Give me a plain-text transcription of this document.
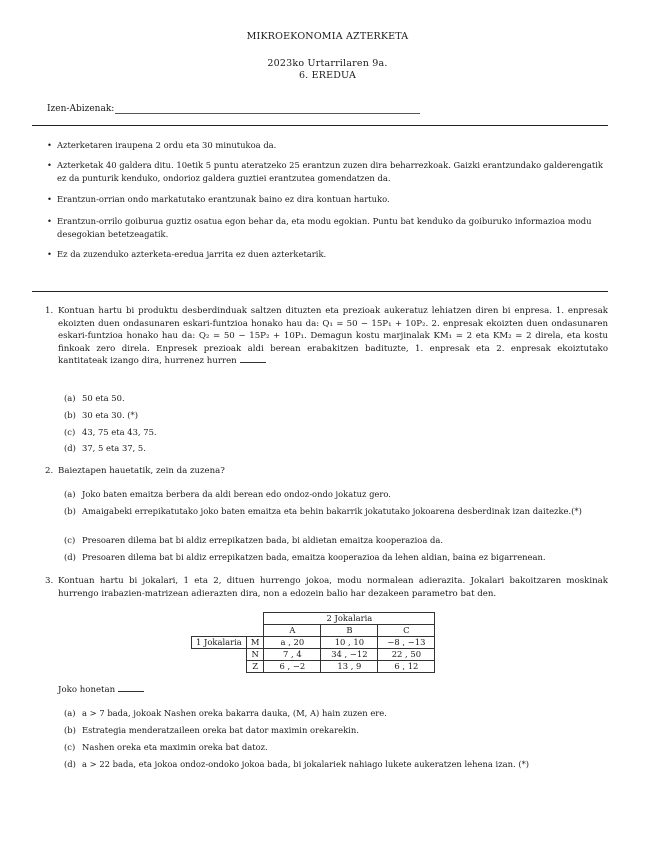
MIKROEKONOMIA AZTERKETA
2023ko Urtarrilaren 9a.
6. EREDUA
Izen-Abizenak:
• Azterketaren iraupena 2 ordu eta 30 minutukoa da.
• Azterketak 40 galdera ditu. 10etik 5 puntu ateratzeko 25 erantzun zuzen dira beharrezkoak. Gaizki erantzundako galderengatik ez da punturik kenduko, ondorioz galdera guztiei erantzutea gomendatzen da.
• Erantzun-orrian ondo markatutako erantzunak baino ez dira kontuan hartuko.
• Erantzun-orrilo goiburua guztiz osatua egon behar da, eta modu egokian. Puntu bat kenduko da goiburuko informazioa modu desegokian betetzeagatik.
• Ez da zuzenduko azterketa-eredua jarrita ez duen azterketarik.
1. Kontuan hartu bi produktu desberdinduak saltzen dituzten eta prezioak aukeratuz lehiatzen diren bi enpresa. 1. enpresak ekoizten duen ondasunaren eskari-funtzioa honako hau da: Q₁ = 50 − 15P₁ + 10P₂. 2. enpresak ekoizten duen ondasunaren eskari-funtzioa honako hau da: Q₂ = 50 − 15P₂ + 10P₁. Demagun kostu marjinalak KM₁ = 2 eta KM₂ = 2 direla, eta kostu finkoak zero direla. Enpresek prezioak aldi berean erabakitzen badituzte, 1. enpresak eta 2. enpresak ekoiztutako kantitateak izango dira, hurrenez hurren
(a) 50 eta 50.
(b) 30 eta 30. (*)
(c) 43, 75 eta 43, 75.
(d) 37, 5 eta 37, 5.
2. Baieztapen hauetatik, zein da zuzena?
(a) Joko baten emaitza berbera da aldi berean edo ondoz-ondo jokatuz gero.
(b) Amaigabeki errepikatutako joko baten emaitza eta behin bakarrik jokatutako jokoarena desberdinak izan daitezke.(*)
(c) Presoaren dilema bat bi aldiz errepikatzen bada, bi aldietan emaitza kooperazioa da.
(d) Presoaren dilema bat bi aldiz errepikatzen bada, emaitza kooperazioa da lehen aldian, baina ez bigarrenean.
3. Kontuan hartu bi jokalari, 1 eta 2, dituen hurrengo jokoa, modu normalean adierazita. Jokalari bakoitzaren moskinak hurrengo irabazien-matrizean adierazten dira, non a edozein balio har dezakeen parametro bat den.
		2 Jokalaria		
		A	B	C
1 Jokalaria	M	a , 20	10 , 10	−8 , −13
	N	7 , 4	34 , −12	22 , 50
	Z	6 , −2	13 , 9	6 , 12
Joko honetan
(a) a > 7 bada, jokoak Nashen oreka bakarra dauka, (M, A) hain zuzen ere.
(b) Estrategia menderatzaileen oreka bat dator maximin orekarekin.
(c) Nashen oreka eta maximin oreka bat datoz.
(d) a > 22 bada, eta jokoa ondoz-ondoko jokoa bada, bi jokalariek nahiago lukete aukeratzen lehena izan. (*)
